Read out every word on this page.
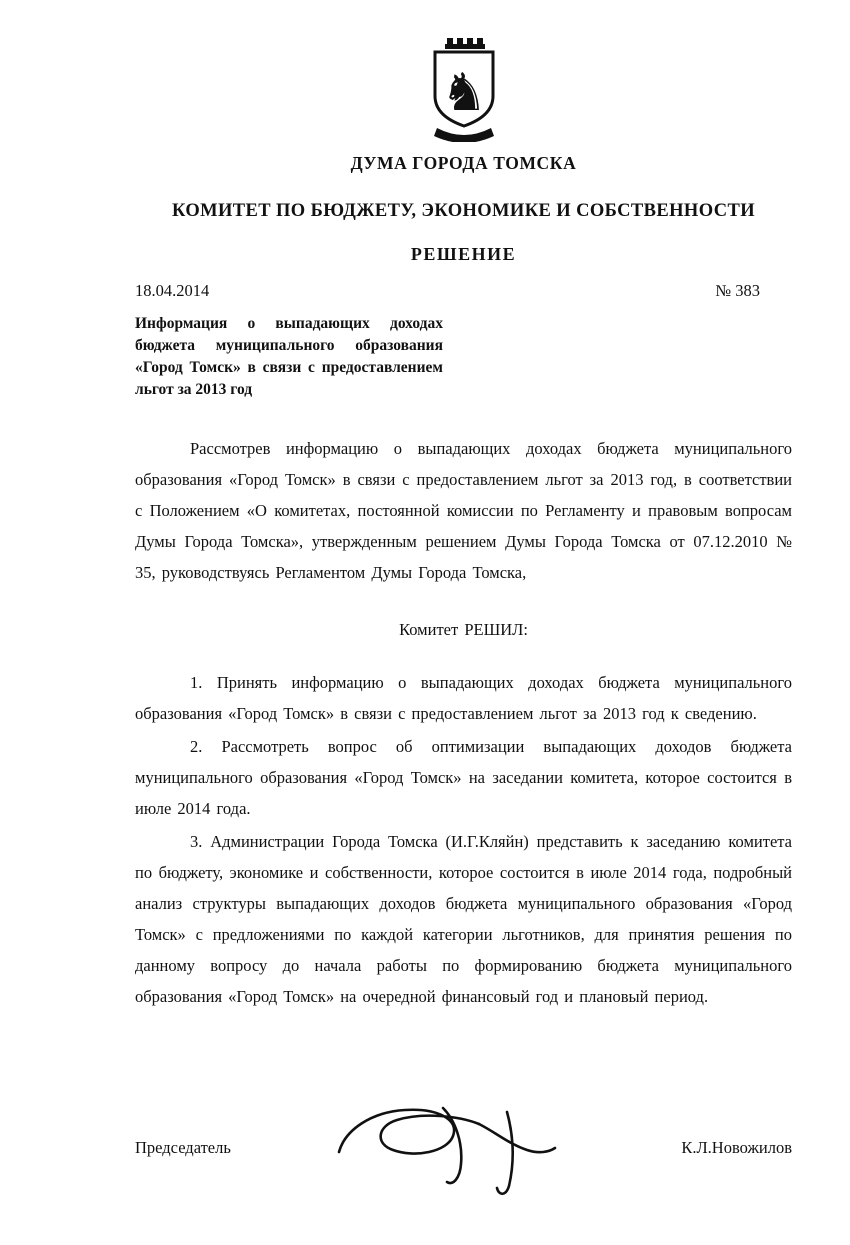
♞
ДУМА ГОРОДА ТОМСКА
КОМИТЕТ ПО БЮДЖЕТУ, ЭКОНОМИКЕ И СОБСТВЕННОСТИ
РЕШЕНИЕ
18.04.2014	№ 383
Информация о выпадающих доходах бюджета муниципального образования «Город Томск» в связи с предоставлением льгот за 2013 год

Рассмотрев информацию о выпадающих доходах бюджета муниципального образования «Город Томск» в связи с предоставлением льгот за 2013 год, в соответствии с Положением «О комитетах, постоянной комиссии по Регламенту и правовым вопросам Думы Города Томска», утвержденным решением Думы Города Томска от 07.12.2010 № 35, руководствуясь Регламентом Думы Города Томска,

Комитет РЕШИЛ:

1. Принять информацию о выпадающих доходах бюджета муниципального образования «Город Томск» в связи с предоставлением льгот за 2013 год к сведению.

2. Рассмотреть вопрос об оптимизации выпадающих доходов бюджета муниципального образования «Город Томск» на заседании комитета, которое состоится в июле 2014 года.

3. Администрации Города Томска (И.Г.Кляйн) представить к заседанию комитета по бюджету, экономике и собственности, которое состоится в июле 2014 года, подробный анализ структуры выпадающих доходов бюджета муниципального образования «Город Томск» с предложениями по каждой категории льготников, для принятия решения по данному вопросу до начала работы по формированию бюджета муниципального образования «Город Томск» на очередной финансовый год и плановый период.

Председатель	К.Л.Новожилов
